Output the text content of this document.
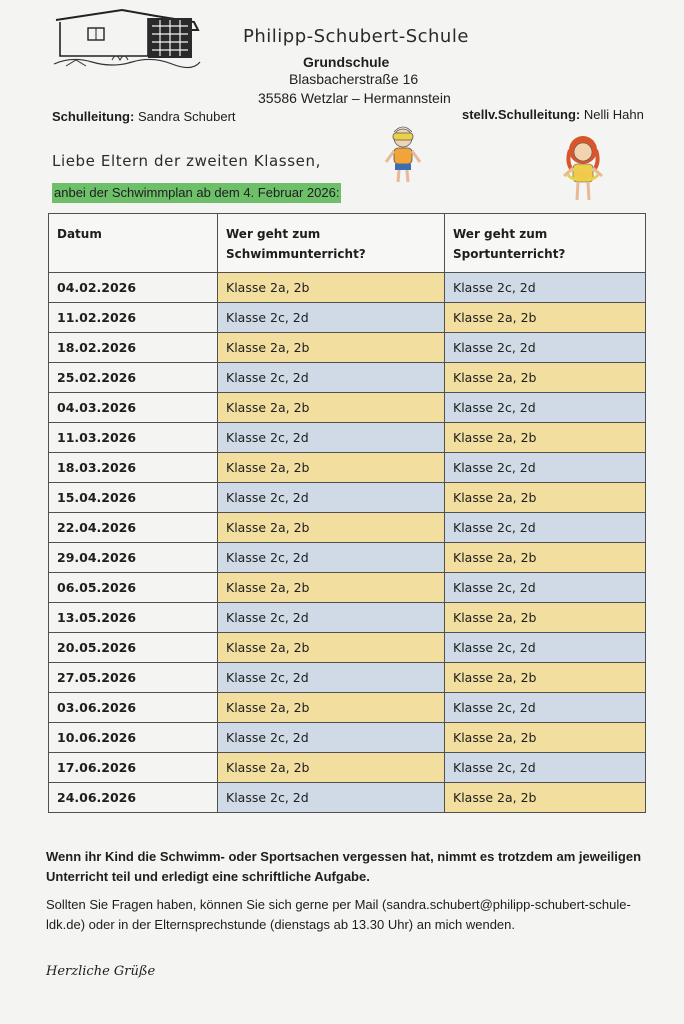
Philipp-Schubert-Schule
Grundschule
Blasbacherstraße 16
35586 Wetzlar – Hermannstein
Schulleitung: Sandra Schubert	stellv.Schulleitung: Nelli Hahn
Liebe Eltern der zweiten Klassen,
anbei der Schwimmplan ab dem 4. Februar 2026:
Datum	Wer geht zum Schwimmunterricht?	Wer geht zum Sportunterricht?
04.02.2026	Klasse 2a, 2b	Klasse 2c, 2d
11.02.2026	Klasse 2c, 2d	Klasse 2a, 2b
18.02.2026	Klasse 2a, 2b	Klasse 2c, 2d
25.02.2026	Klasse 2c, 2d	Klasse 2a, 2b
04.03.2026	Klasse 2a, 2b	Klasse 2c, 2d
11.03.2026	Klasse 2c, 2d	Klasse 2a, 2b
18.03.2026	Klasse 2a, 2b	Klasse 2c, 2d
15.04.2026	Klasse 2c, 2d	Klasse 2a, 2b
22.04.2026	Klasse 2a, 2b	Klasse 2c, 2d
29.04.2026	Klasse 2c, 2d	Klasse 2a, 2b
06.05.2026	Klasse 2a, 2b	Klasse 2c, 2d
13.05.2026	Klasse 2c, 2d	Klasse 2a, 2b
20.05.2026	Klasse 2a, 2b	Klasse 2c, 2d
27.05.2026	Klasse 2c, 2d	Klasse 2a, 2b
03.06.2026	Klasse 2a, 2b	Klasse 2c, 2d
10.06.2026	Klasse 2c, 2d	Klasse 2a, 2b
17.06.2026	Klasse 2a, 2b	Klasse 2c, 2d
24.06.2026	Klasse 2c, 2d	Klasse 2a, 2b
Wenn ihr Kind die Schwimm- oder Sportsachen vergessen hat, nimmt es trotzdem am jeweiligen Unterricht teil und erledigt eine schriftliche Aufgabe.
Sollten Sie Fragen haben, können Sie sich gerne per Mail (sandra.schubert@philipp-schubert-schule-ldk.de) oder in der Elternsprechstunde (dienstags ab 13.30 Uhr) an mich wenden.
Herzliche Grüße
